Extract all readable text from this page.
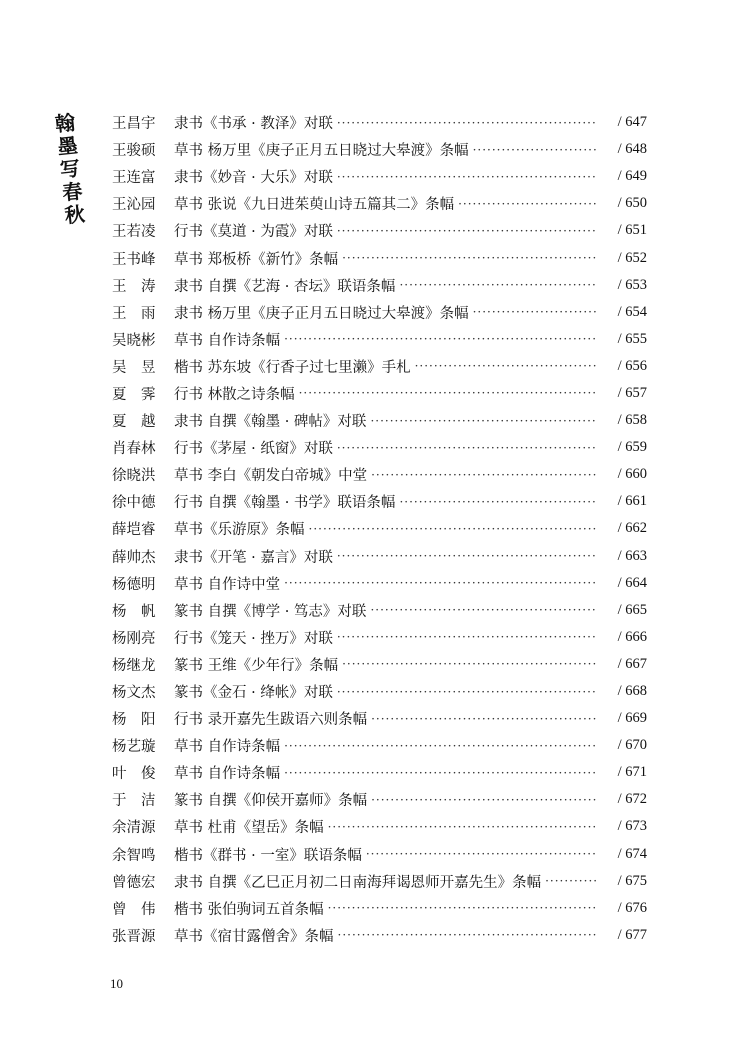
翰
墨
写
春
秋
王昌宇	隶书《书承 · 教泽》对联 ·····	/ 647
王骏硕	草书 杨万里《庚子正月五日晓过大皋渡》条幅 ·····	/ 648
王连富	隶书《妙音 · 大乐》对联 ·····	/ 649
王沁园	草书 张说《九日进茱萸山诗五篇其二》条幅 ·····	/ 650
王若凌	行书《莫道 · 为霞》对联 ·····	/ 651
王书峰	草书 郑板桥《新竹》条幅 ·····	/ 652
王　涛	隶书 自撰《艺海 · 杏坛》联语条幅 ·····	/ 653
王　雨	隶书 杨万里《庚子正月五日晓过大皋渡》条幅 ·····	/ 654
吴晓彬	草书 自作诗条幅 ·····	/ 655
吴　昱	楷书 苏东坡《行香子过七里濑》手札 ·····	/ 656
夏　霁	行书 林散之诗条幅 ·····	/ 657
夏　越	隶书 自撰《翰墨 · 碑帖》对联 ·····	/ 658
肖春林	行书《茅屋 · 纸窗》对联 ·····	/ 659
徐晓洪	草书 李白《朝发白帝城》中堂 ·····	/ 660
徐中德	行书 自撰《翰墨 · 书学》联语条幅 ·····	/ 661
薛垲睿	草书《乐游原》条幅 ·····	/ 662
薛帅杰	隶书《开笔 · 嘉言》对联 ·····	/ 663
杨德明	草书 自作诗中堂 ·····	/ 664
杨　帆	篆书 自撰《博学 · 笃志》对联 ·····	/ 665
杨刚亮	行书《笼天 · 挫万》对联 ·····	/ 666
杨继龙	篆书 王维《少年行》条幅 ·····	/ 667
杨文杰	篆书《金石 · 绛帐》对联 ·····	/ 668
杨　阳	行书 录开嘉先生跋语六则条幅 ·····	/ 669
杨艺璇	草书 自作诗条幅 ·····	/ 670
叶　俊	草书 自作诗条幅 ·····	/ 671
于　洁	篆书 自撰《仰侯开嘉师》条幅 ·····	/ 672
余清源	草书 杜甫《望岳》条幅 ·····	/ 673
余智鸣	楷书《群书 · 一室》联语条幅 ·····	/ 674
曾德宏	隶书 自撰《乙巳正月初二日南海拜谒恩师开嘉先生》条幅 ·····	/ 675
曾　伟	楷书 张伯驹词五首条幅 ·····	/ 676
张晋源	草书《宿甘露僧舍》条幅 ·····	/ 677
10
